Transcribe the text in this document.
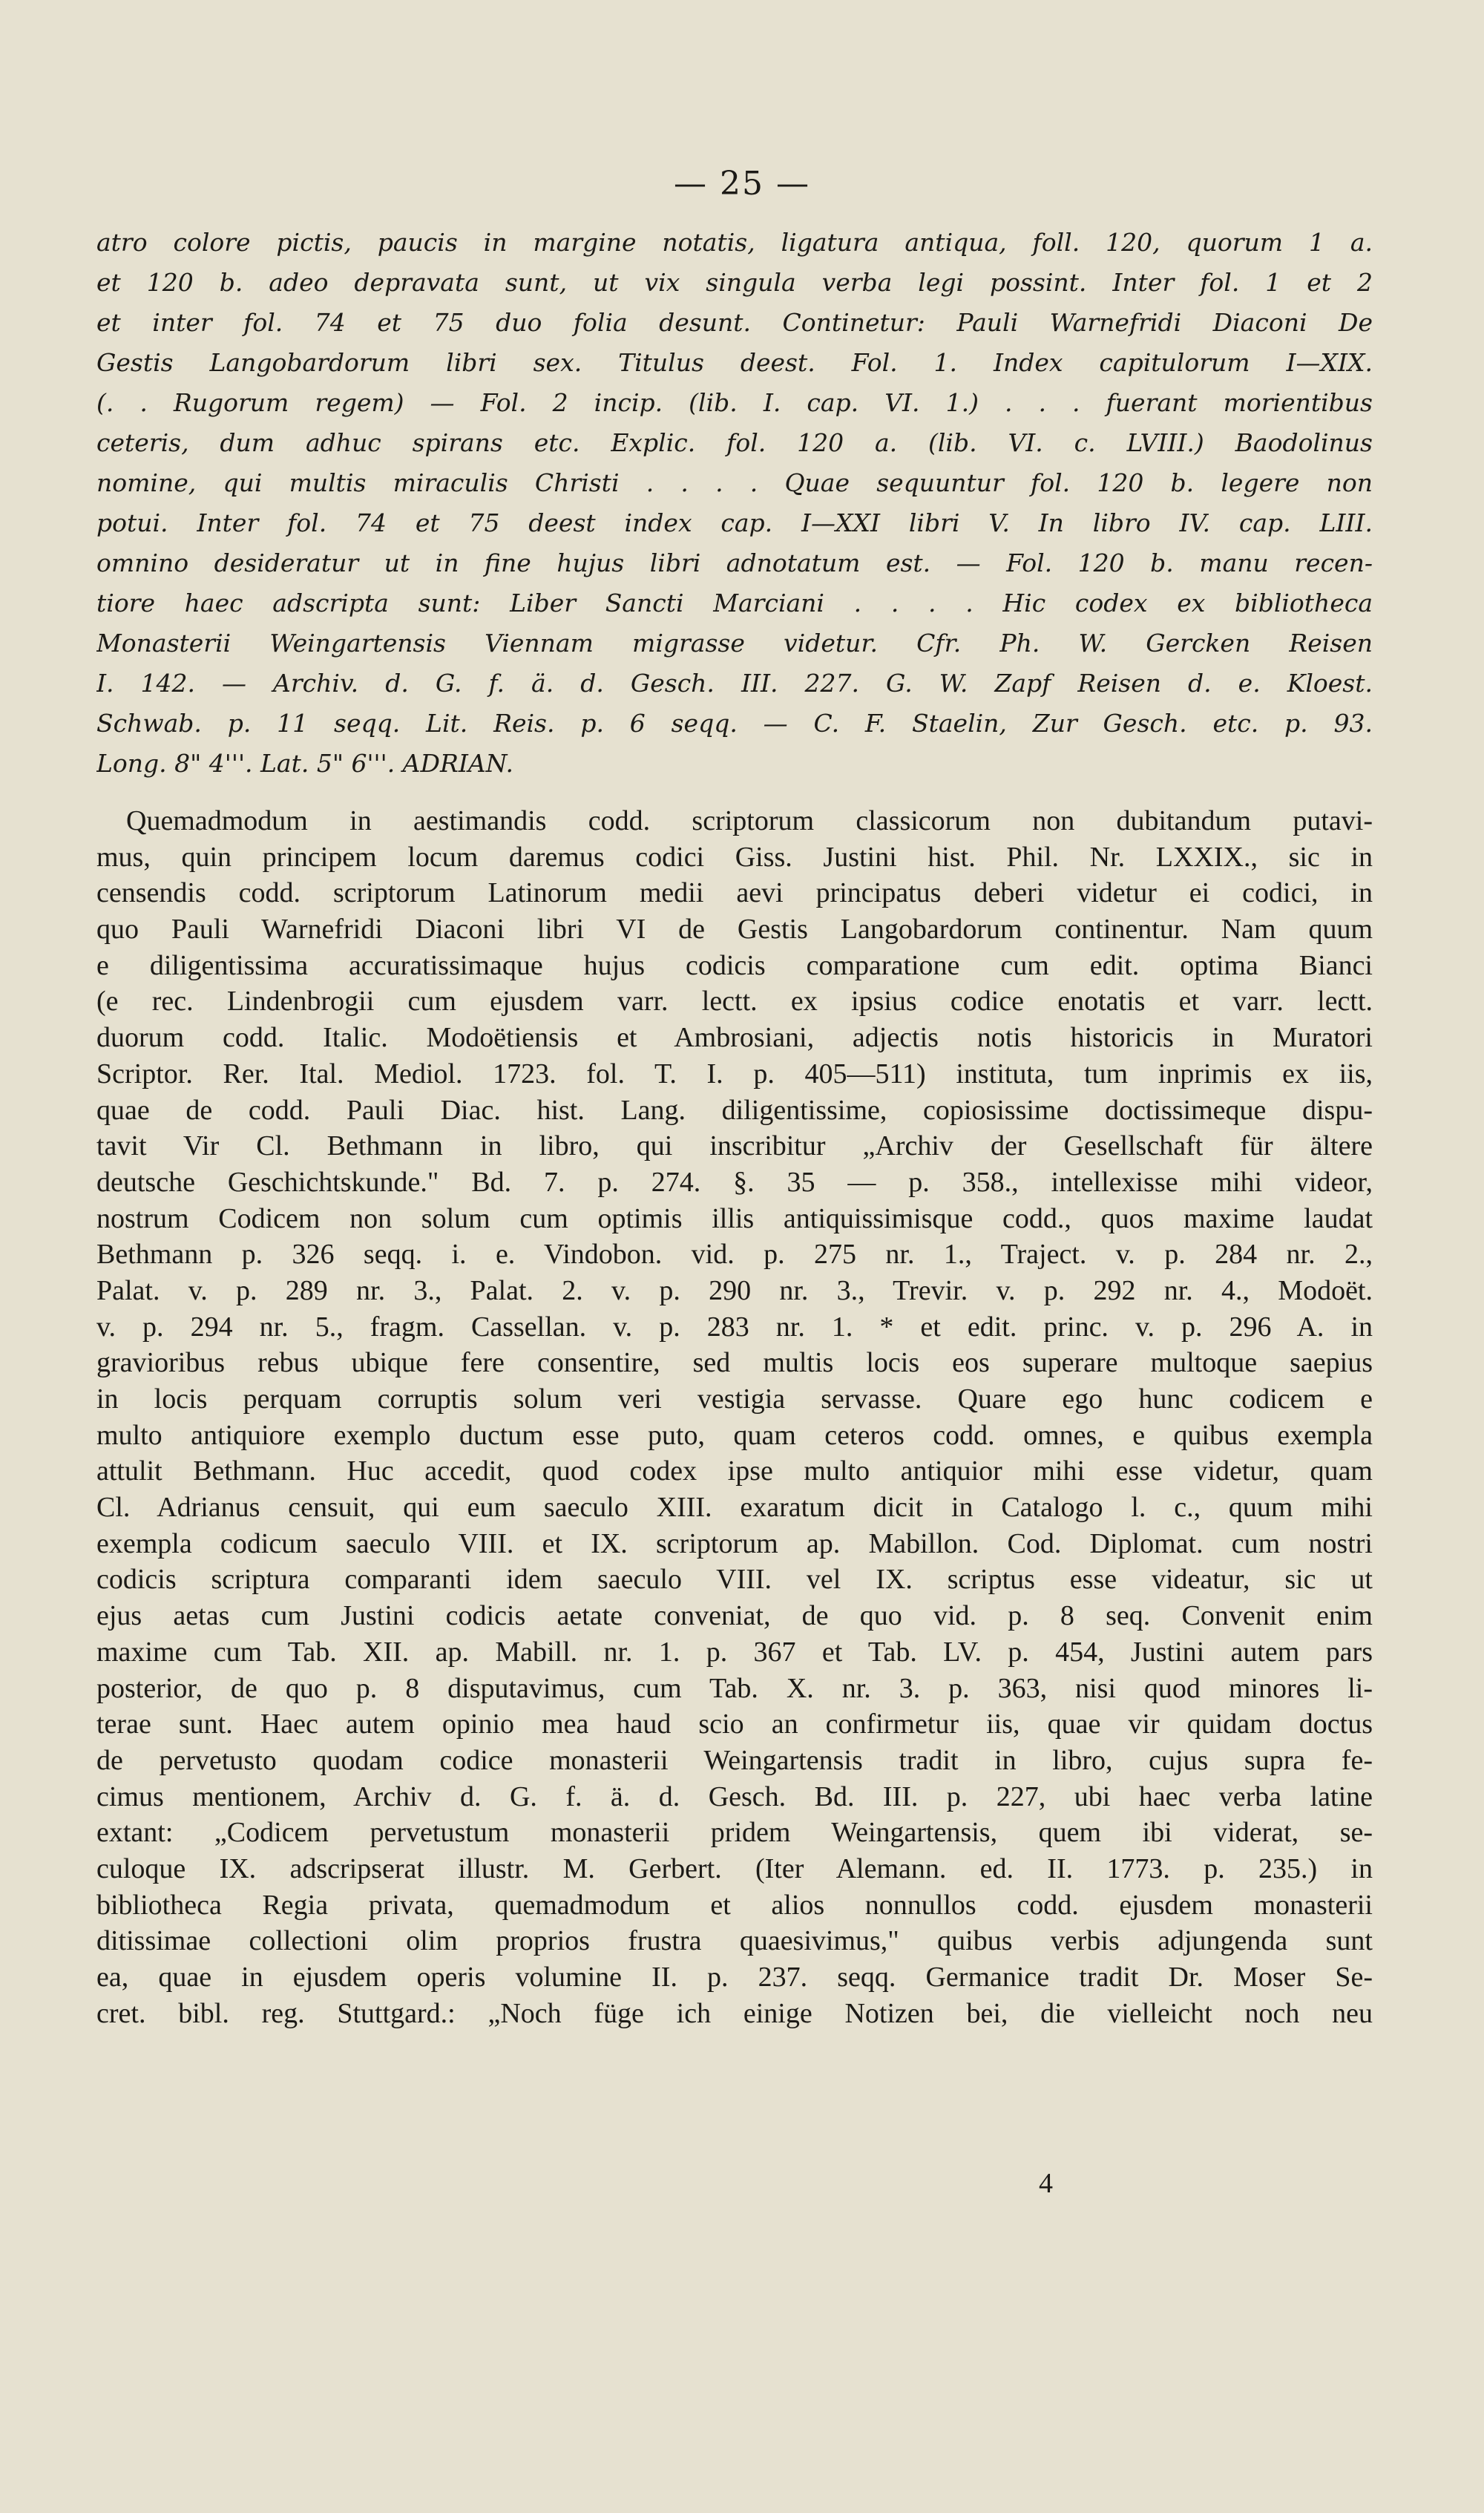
— 25 —
atro colore pictis, paucis in margine notatis, ligatura antiqua, foll. 120, quorum 1 a.
et 120 b. adeo depravata sunt, ut vix singula verba legi possint. Inter fol. 1 et 2
et inter fol. 74 et 75 duo folia desunt. Continetur: Pauli Warnefridi Diaconi De
Gestis Langobardorum libri sex. Titulus deest. Fol. 1. Index capitulorum I—XIX.
(. . Rugorum regem) — Fol. 2 incip. (lib. I. cap. VI. 1.) . . . fuerant morientibus
ceteris, dum adhuc spirans etc. Explic. fol. 120 a. (lib. VI. c. LVIII.) Baodolinus
nomine, qui multis miraculis Christi . . . . Quae sequuntur fol. 120 b. legere non
potui. Inter fol. 74 et 75 deest index cap. I—XXI libri V. In libro IV. cap. LIII.
omnino desideratur ut in fine hujus libri adnotatum est. — Fol. 120 b. manu recen-
tiore haec adscripta sunt: Liber Sancti Marciani . . . . Hic codex ex bibliotheca
Monasterii Weingartensis Viennam migrasse videtur. Cfr. Ph. W. Gercken Reisen
I. 142. — Archiv. d. G. f. ä. d. Gesch. III. 227. G. W. Zapf Reisen d. e. Kloest.
Schwab. p. 11 seqq. Lit. Reis. p. 6 seqq. — C. F. Staelin, Zur Gesch. etc. p. 93.
Long. 8" 4'''. Lat. 5" 6'''. ADRIAN.
Quemadmodum in aestimandis codd. scriptorum classicorum non dubitandum putavi-
mus, quin principem locum daremus codici Giss. Justini hist. Phil. Nr. LXXIX., sic in
censendis codd. scriptorum Latinorum medii aevi principatus deberi videtur ei codici, in
quo Pauli Warnefridi Diaconi libri VI de Gestis Langobardorum continentur. Nam quum
e diligentissima accuratissimaque hujus codicis comparatione cum edit. optima Bianci
(e rec. Lindenbrogii cum ejusdem varr. lectt. ex ipsius codice enotatis et varr. lectt.
duorum codd. Italic. Modoëtiensis et Ambrosiani, adjectis notis historicis in Muratori
Scriptor. Rer. Ital. Mediol. 1723. fol. T. I. p. 405—511) instituta, tum inprimis ex iis,
quae de codd. Pauli Diac. hist. Lang. diligentissime, copiosissime doctissimeque dispu-
tavit Vir Cl. Bethmann in libro, qui inscribitur „Archiv der Gesellschaft für ältere
deutsche Geschichtskunde." Bd. 7. p. 274. §. 35 — p. 358., intellexisse mihi videor,
nostrum Codicem non solum cum optimis illis antiquissimisque codd., quos maxime laudat
Bethmann p. 326 seqq. i. e. Vindobon. vid. p. 275 nr. 1., Traject. v. p. 284 nr. 2.,
Palat. v. p. 289 nr. 3., Palat. 2. v. p. 290 nr. 3., Trevir. v. p. 292 nr. 4., Modoët.
v. p. 294 nr. 5., fragm. Cassellan. v. p. 283 nr. 1. * et edit. princ. v. p. 296 A. in
gravioribus rebus ubique fere consentire, sed multis locis eos superare multoque saepius
in locis perquam corruptis solum veri vestigia servasse. Quare ego hunc codicem e
multo antiquiore exemplo ductum esse puto, quam ceteros codd. omnes, e quibus exempla
attulit Bethmann. Huc accedit, quod codex ipse multo antiquior mihi esse videtur, quam
Cl. Adrianus censuit, qui eum saeculo XIII. exaratum dicit in Catalogo l. c., quum mihi
exempla codicum saeculo VIII. et IX. scriptorum ap. Mabillon. Cod. Diplomat. cum nostri
codicis scriptura comparanti idem saeculo VIII. vel IX. scriptus esse videatur, sic ut
ejus aetas cum Justini codicis aetate conveniat, de quo vid. p. 8 seq. Convenit enim
maxime cum Tab. XII. ap. Mabill. nr. 1. p. 367 et Tab. LV. p. 454, Justini autem pars
posterior, de quo p. 8 disputavimus, cum Tab. X. nr. 3. p. 363, nisi quod minores li-
terae sunt. Haec autem opinio mea haud scio an confirmetur iis, quae vir quidam doctus
de pervetusto quodam codice monasterii Weingartensis tradit in libro, cujus supra fe-
cimus mentionem, Archiv d. G. f. ä. d. Gesch. Bd. III. p. 227, ubi haec verba latine
extant: „Codicem pervetustum monasterii pridem Weingartensis, quem ibi viderat, se-
culoque IX. adscripserat illustr. M. Gerbert. (Iter Alemann. ed. II. 1773. p. 235.) in
bibliotheca Regia privata, quemadmodum et alios nonnullos codd. ejusdem monasterii
ditissimae collectioni olim proprios frustra quaesivimus," quibus verbis adjungenda sunt
ea, quae in ejusdem operis volumine II. p. 237. seqq. Germanice tradit Dr. Moser Se-
cret. bibl. reg. Stuttgard.: „Noch füge ich einige Notizen bei, die vielleicht noch neu
4
